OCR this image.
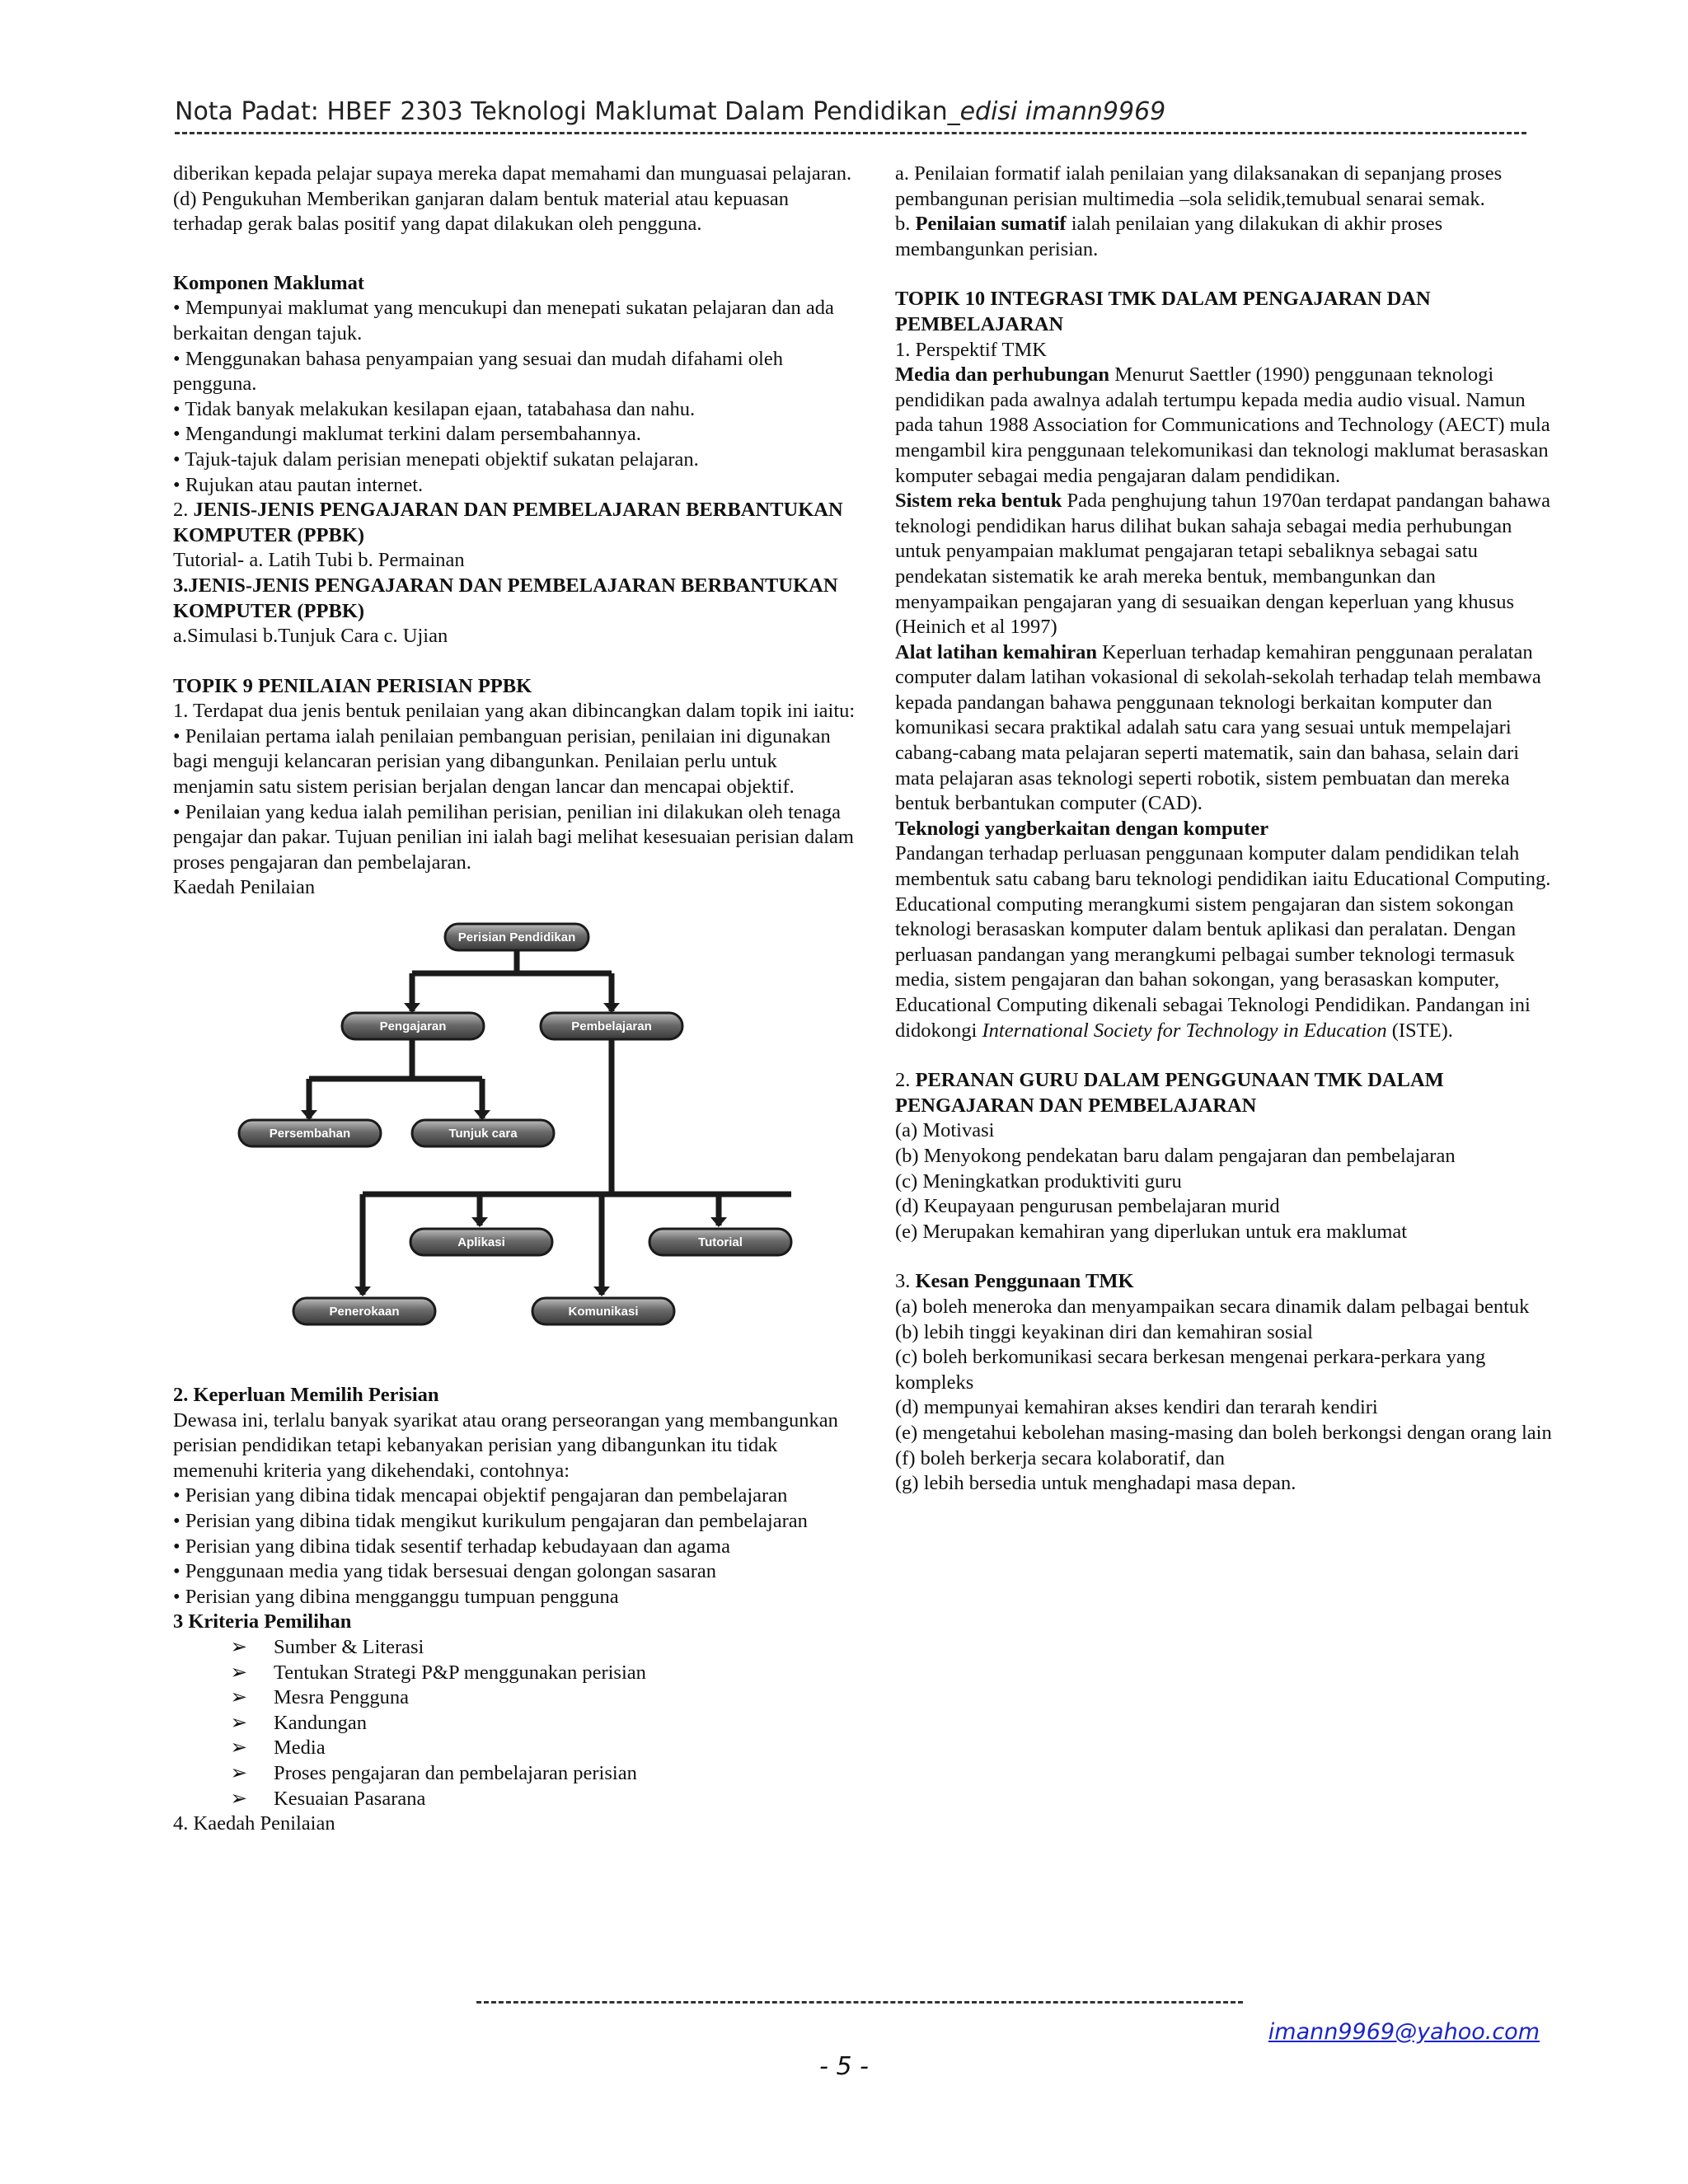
Nota Padat: HBEF 2303 Teknologi Maklumat Dalam Pendidikan_edisi imann9969

diberikan kepada pelajar supaya mereka dapat memahami dan munguasai pelajaran.

(d) Pengukuhan Memberikan ganjaran dalam bentuk material atau kepuasan terhadap gerak balas positif yang dapat dilakukan oleh pengguna.

Komponen Maklumat

• Mempunyai maklumat yang mencukupi dan menepati sukatan pelajaran dan ada berkaitan dengan tajuk.

• Menggunakan bahasa penyampaian yang sesuai dan mudah difahami oleh pengguna.

• Tidak banyak melakukan kesilapan ejaan, tatabahasa dan nahu.

• Mengandungi maklumat terkini dalam persembahannya.

• Tajuk-tajuk dalam perisian menepati objektif sukatan pelajaran.

• Rujukan atau pautan internet.

2. JENIS-JENIS PENGAJARAN DAN PEMBELAJARAN BERBANTUKAN KOMPUTER (PPBK)

Tutorial- a. Latih Tubi b. Permainan

3.JENIS-JENIS PENGAJARAN DAN PEMBELAJARAN BERBANTUKAN KOMPUTER (PPBK)

a.Simulasi b.Tunjuk Cara c. Ujian

TOPIK 9 PENILAIAN PERISIAN PPBK

1. Terdapat dua jenis bentuk penilaian yang akan dibincangkan dalam topik ini iaitu:

• Penilaian pertama ialah penilaian pembanguan perisian, penilaian ini digunakan bagi menguji kelancaran perisian yang dibangunkan. Penilaian perlu untuk menjamin satu sistem perisian berjalan dengan lancar dan mencapai objektif.

• Penilaian yang kedua ialah pemilihan perisian, penilian ini dilakukan oleh tenaga pengajar dan pakar. Tujuan penilian ini ialah bagi melihat kesesuaian perisian dalam proses pengajaran dan pembelajaran.

Kaedah Penilaian

Perisian Pendidikan
Pengajaran	Pembelajaran
Persembahan	Tunjuk cara
Aplikasi	Tutorial
Penerokaan	Komunikasi

2. Keperluan Memilih Perisian

Dewasa ini, terlalu banyak syarikat atau orang perseorangan yang membangunkan perisian pendidikan tetapi kebanyakan perisian yang dibangunkan itu tidak memenuhi kriteria yang dikehendaki, contohnya:

• Perisian yang dibina tidak mencapai objektif pengajaran dan pembelajaran

• Perisian yang dibina tidak mengikut kurikulum pengajaran dan pembelajaran

• Perisian yang dibina tidak sesentif terhadap kebudayaan dan agama

• Penggunaan media yang tidak bersesuai dengan golongan sasaran

• Perisian yang dibina mengganggu tumpuan pengguna

3 Kriteria Pemilihan

➢	Sumber & Literasi
➢	Tentukan Strategi P&P menggunakan perisian
➢	Mesra Pengguna
➢	Kandungan
➢	Media
➢	Proses pengajaran dan pembelajaran perisian
➢	Kesuaian Pasarana

4. Kaedah Penilaian

a. Penilaian formatif ialah penilaian yang dilaksanakan di sepanjang proses pembangunan perisian multimedia –sola selidik,temubual senarai semak.

b. Penilaian sumatif ialah penilaian yang dilakukan di akhir proses membangunkan perisian.

TOPIK 10 INTEGRASI TMK DALAM PENGAJARAN DAN PEMBELAJARAN

1. Perspektif TMK

Media dan perhubungan Menurut Saettler (1990) penggunaan teknologi pendidikan pada awalnya adalah tertumpu kepada media audio visual. Namun pada tahun 1988 Association for Communications and Technology (AECT) mula mengambil kira penggunaan telekomunikasi dan teknologi maklumat berasaskan komputer sebagai media pengajaran dalam pendidikan.

Sistem reka bentuk Pada penghujung tahun 1970an terdapat pandangan bahawa teknologi pendidikan harus dilihat bukan sahaja sebagai media perhubungan untuk penyampaian maklumat pengajaran tetapi sebaliknya sebagai satu pendekatan sistematik ke arah mereka bentuk, membangunkan dan menyampaikan pengajaran yang di sesuaikan dengan keperluan yang khusus (Heinich et al 1997)

Alat latihan kemahiran Keperluan terhadap kemahiran penggunaan peralatan computer dalam latihan vokasional di sekolah-sekolah terhadap telah membawa kepada pandangan bahawa penggunaan teknologi berkaitan komputer dan komunikasi secara praktikal adalah satu cara yang sesuai untuk mempelajari cabang-cabang mata pelajaran seperti matematik, sain dan bahasa, selain dari mata pelajaran asas teknologi seperti robotik, sistem pembuatan dan mereka bentuk berbantukan computer (CAD).

Teknologi yangberkaitan dengan komputer

Pandangan terhadap perluasan penggunaan komputer dalam pendidikan telah membentuk satu cabang baru teknologi pendidikan iaitu Educational Computing. Educational computing merangkumi sistem pengajaran dan sistem sokongan teknologi berasaskan komputer dalam bentuk aplikasi dan peralatan. Dengan perluasan pandangan yang merangkumi pelbagai sumber teknologi termasuk media, sistem pengajaran dan bahan sokongan, yang berasaskan komputer, Educational Computing dikenali sebagai Teknologi Pendidikan. Pandangan ini didokongi International Society for Technology in Education (ISTE).

2. PERANAN GURU DALAM PENGGUNAAN TMK DALAM PENGAJARAN DAN PEMBELAJARAN

(a) Motivasi

(b) Menyokong pendekatan baru dalam pengajaran dan pembelajaran

(c) Meningkatkan produktiviti guru

(d) Keupayaan pengurusan pembelajaran murid

(e) Merupakan kemahiran yang diperlukan untuk era maklumat

3. Kesan Penggunaan TMK

(a) boleh meneroka dan menyampaikan secara dinamik dalam pelbagai bentuk

(b) lebih tinggi keyakinan diri dan kemahiran sosial

(c) boleh berkomunikasi secara berkesan mengenai perkara-perkara yang kompleks

(d) mempunyai kemahiran akses kendiri dan terarah kendiri

(e) mengetahui kebolehan masing-masing dan boleh berkongsi dengan orang lain

(f) boleh berkerja secara kolaboratif, dan

(g) lebih bersedia untuk menghadapi masa depan.

imann9969@yahoo.com
- 5 -
